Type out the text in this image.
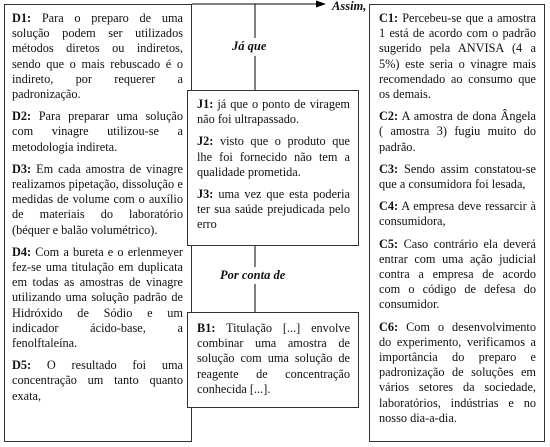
Assim,
Já que
Por conta de

D1: Para o preparo de uma solução podem ser utilizados métodos diretos ou indiretos, sendo que o mais rebuscado é o indireto, por requerer a padronização.

D2: Para preparar uma solução com vinagre utilizou-se a metodologia indireta.

D3: Em cada amostra de vinagre realizamos pipetação, dissolução e medidas de volume com o auxílio de materiais do laboratório (béquer e balão volumétrico).

D4: Com a bureta e o erlenmeyer fez-se uma titulação em duplicata em todas as amostras de vinagre utilizando uma solução padrão de Hidróxido de Sódio e um indicador ácido-base, a fenolftaleína.

D5: O resultado foi uma concentração um tanto quanto exata,

J1: já que o ponto de viragem não foi ultrapassado.

J2: visto que o produto que lhe foi fornecido não tem a qualidade prometida.

J3: uma vez que esta poderia ter sua saúde prejudicada pelo erro

B1: Titulação [...] envolve combinar uma amostra de solução com uma solução de reagente de concentração conhecida [...].

C1: Percebeu-se que a amostra 1 está de acordo com o padrão sugerido pela ANVISA (4 a 5%) este seria o vinagre mais recomendado ao consumo que os demais.

C2: A amostra de dona Ângela ( amostra 3) fugiu muito do padrão.

C3: Sendo assim constatou-se que a consumidora foi lesada,

C4: A empresa deve ressarcir à consumidora,

C5: Caso contrário ela deverá entrar com uma ação judicial contra a empresa de acordo com o código de defesa do consumidor.

C6: Com o desenvolvimento do experimento, verificamos a importância do preparo e padronização de soluções em vários setores da sociedade, laboratórios, indústrias e no nosso dia-a-dia.
